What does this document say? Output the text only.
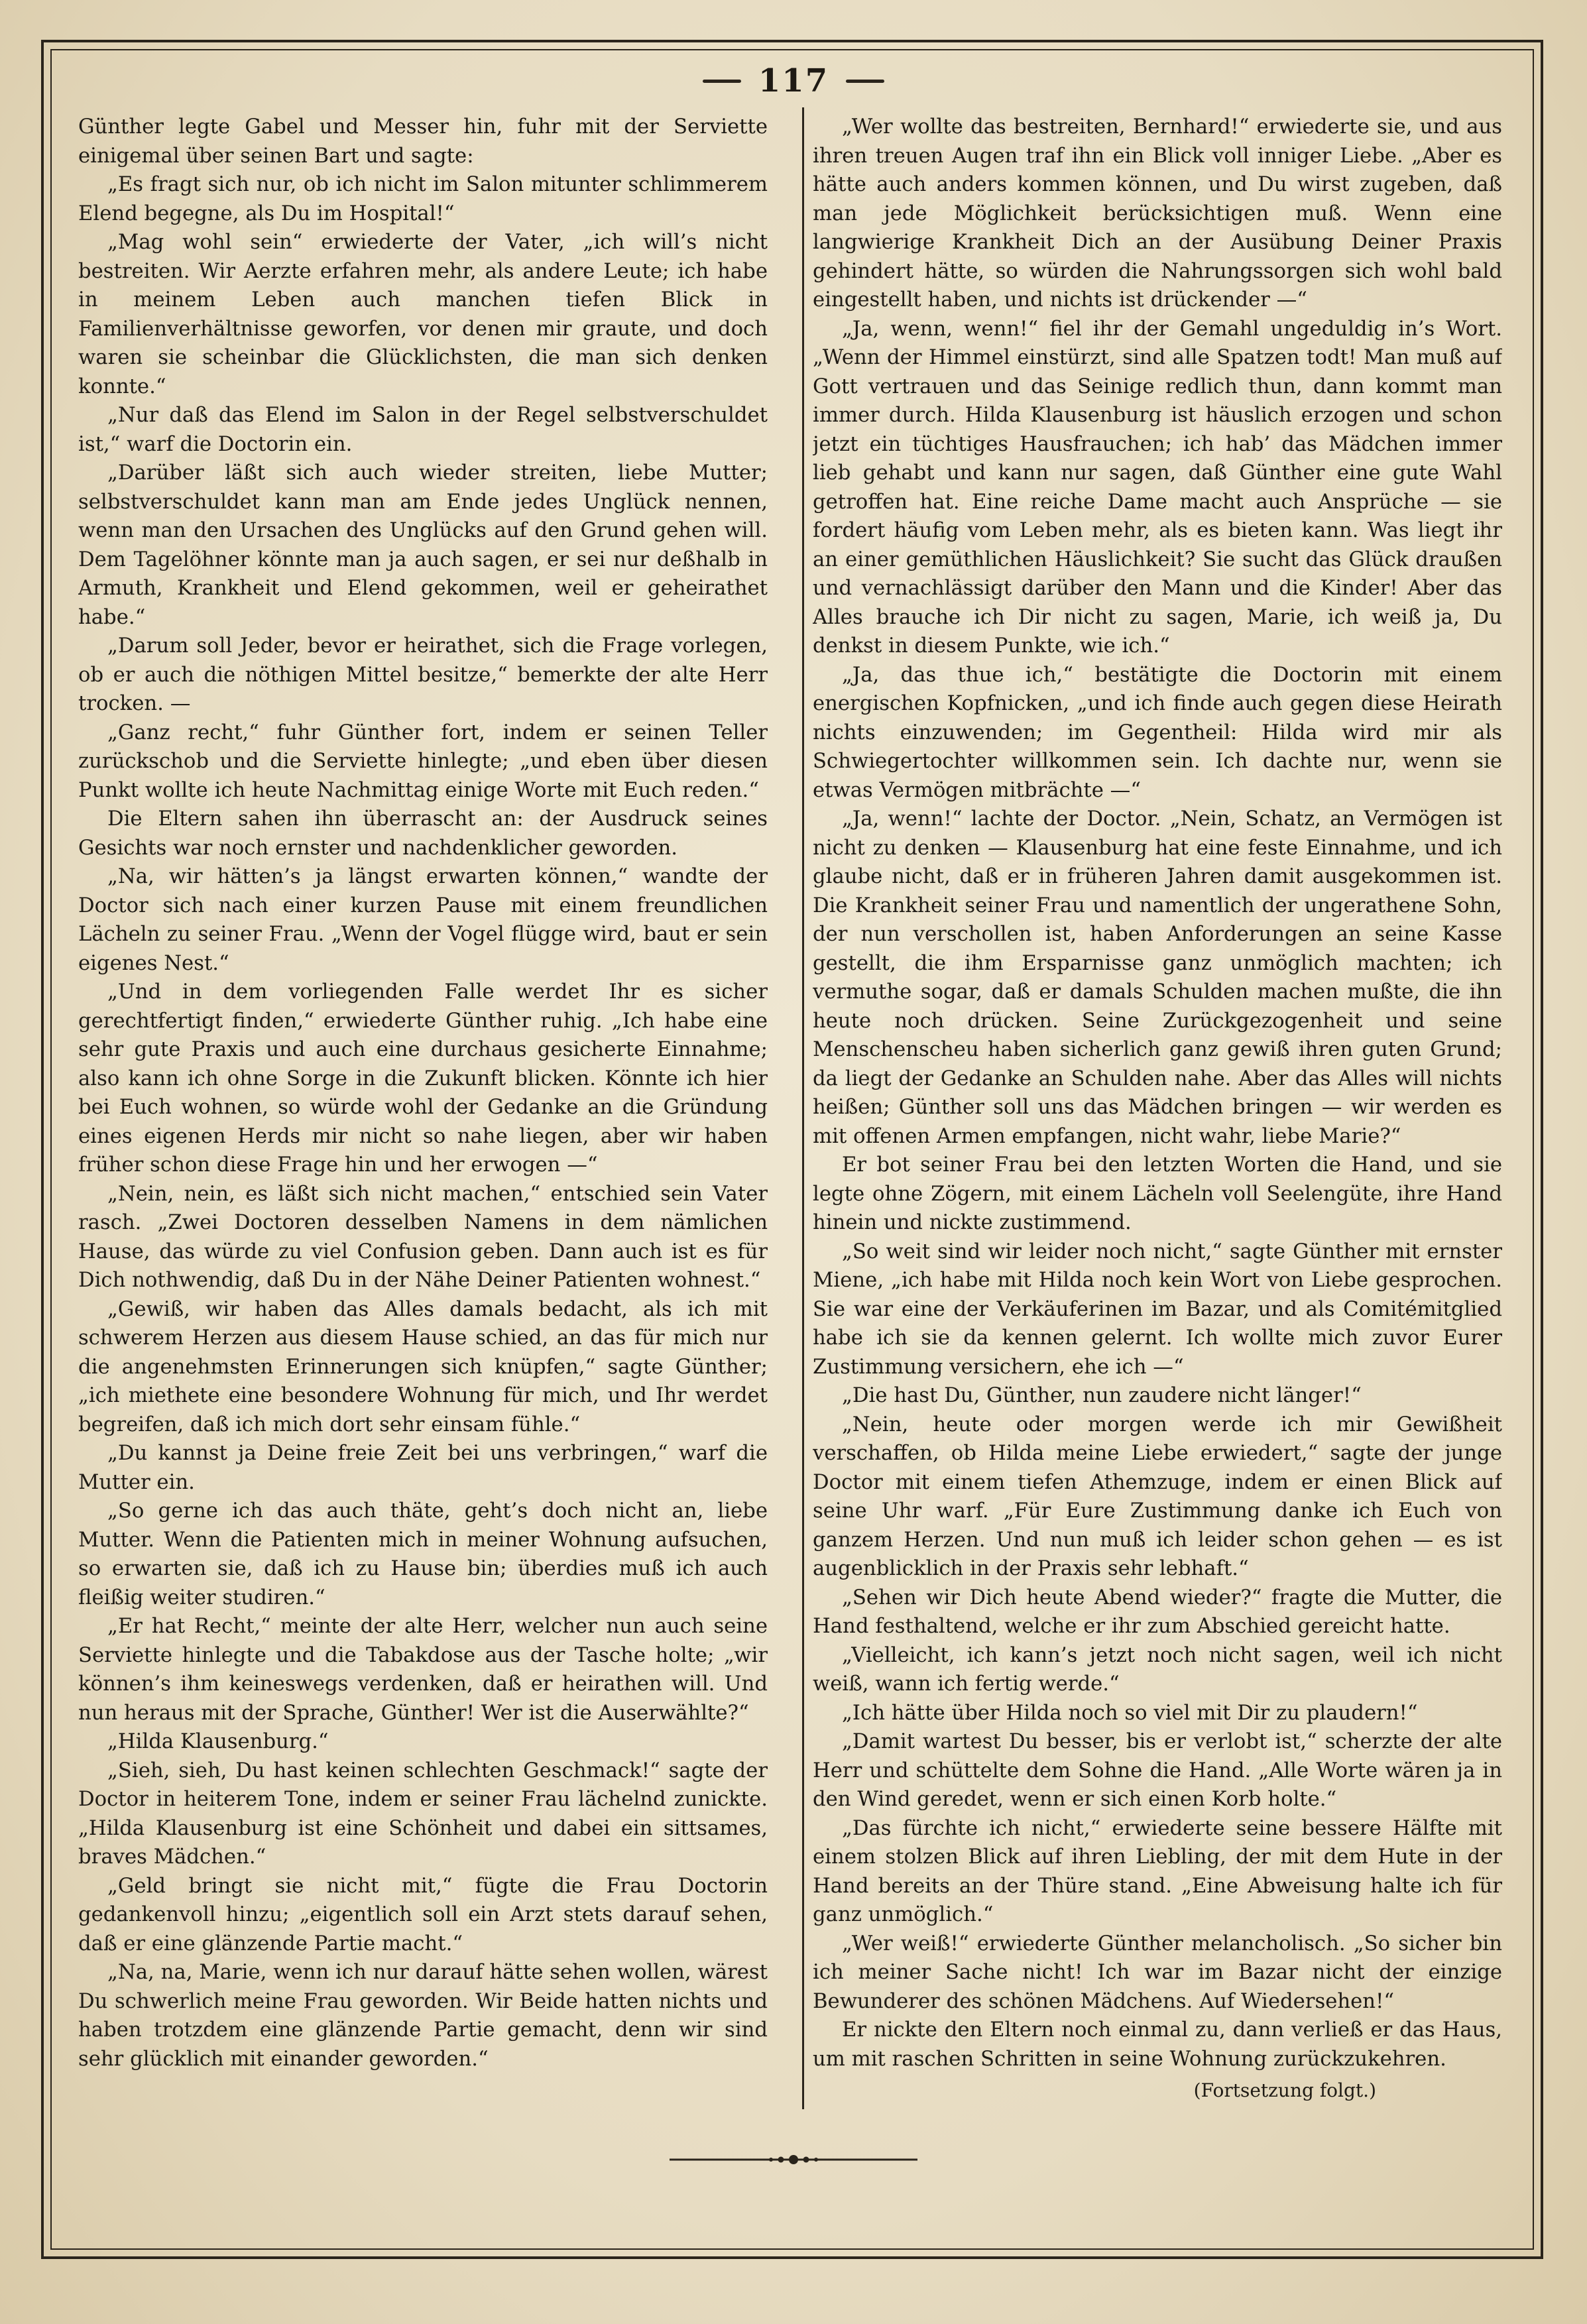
117

Günther legte Gabel und Messer hin, fuhr mit der Serviette einigemal über seinen Bart und sagte:

„Es fragt sich nur, ob ich nicht im Salon mitunter schlimmerem Elend begegne, als Du im Hospital!“

„Mag wohl sein“ erwiederte der Vater, „ich will’s nicht bestreiten. Wir Aerzte erfahren mehr, als andere Leute; ich habe in meinem Leben auch manchen tiefen Blick in Familienverhältnisse geworfen, vor denen mir graute, und doch waren sie scheinbar die Glücklichsten, die man sich denken konnte.“

„Nur daß das Elend im Salon in der Regel selbstverschuldet ist,“ warf die Doctorin ein.

„Darüber läßt sich auch wieder streiten, liebe Mutter; selbstverschuldet kann man am Ende jedes Unglück nennen, wenn man den Ursachen des Unglücks auf den Grund gehen will. Dem Tagelöhner könnte man ja auch sagen, er sei nur deßhalb in Armuth, Krankheit und Elend gekommen, weil er geheirathet habe.“

„Darum soll Jeder, bevor er heirathet, sich die Frage vorlegen, ob er auch die nöthigen Mittel besitze,“ bemerkte der alte Herr trocken. —

„Ganz recht,“ fuhr Günther fort, indem er seinen Teller zurückschob und die Serviette hinlegte; „und eben über diesen Punkt wollte ich heute Nachmittag einige Worte mit Euch reden.“

Die Eltern sahen ihn überrascht an: der Ausdruck seines Gesichts war noch ernster und nachdenklicher geworden.

„Na, wir hätten’s ja längst erwarten können,“ wandte der Doctor sich nach einer kurzen Pause mit einem freundlichen Lächeln zu seiner Frau. „Wenn der Vogel flügge wird, baut er sein eigenes Nest.“

„Und in dem vorliegenden Falle werdet Ihr es sicher gerechtfertigt finden,“ erwiederte Günther ruhig. „Ich habe eine sehr gute Praxis und auch eine durchaus gesicherte Einnahme; also kann ich ohne Sorge in die Zukunft blicken. Könnte ich hier bei Euch wohnen, so würde wohl der Gedanke an die Gründung eines eigenen Herds mir nicht so nahe liegen, aber wir haben früher schon diese Frage hin und her erwogen —“

„Nein, nein, es läßt sich nicht machen,“ entschied sein Vater rasch. „Zwei Doctoren desselben Namens in dem nämlichen Hause, das würde zu viel Confusion geben. Dann auch ist es für Dich nothwendig, daß Du in der Nähe Deiner Patienten wohnest.“

„Gewiß, wir haben das Alles damals bedacht, als ich mit schwerem Herzen aus diesem Hause schied, an das für mich nur die angenehmsten Erinnerungen sich knüpfen,“ sagte Günther; „ich miethete eine besondere Wohnung für mich, und Ihr werdet begreifen, daß ich mich dort sehr einsam fühle.“

„Du kannst ja Deine freie Zeit bei uns verbringen,“ warf die Mutter ein.

„So gerne ich das auch thäte, geht’s doch nicht an, liebe Mutter. Wenn die Patienten mich in meiner Wohnung aufsuchen, so erwarten sie, daß ich zu Hause bin; überdies muß ich auch fleißig weiter studiren.“

„Er hat Recht,“ meinte der alte Herr, welcher nun auch seine Serviette hinlegte und die Tabakdose aus der Tasche holte; „wir können’s ihm keineswegs verdenken, daß er heirathen will. Und nun heraus mit der Sprache, Günther! Wer ist die Auserwählte?“

„Hilda Klausenburg.“

„Sieh, sieh, Du hast keinen schlechten Geschmack!“ sagte der Doctor in heiterem Tone, indem er seiner Frau lächelnd zunickte. „Hilda Klausenburg ist eine Schönheit und dabei ein sittsames, braves Mädchen.“

„Geld bringt sie nicht mit,“ fügte die Frau Doctorin gedankenvoll hinzu; „eigentlich soll ein Arzt stets darauf sehen, daß er eine glänzende Partie macht.“

„Na, na, Marie, wenn ich nur darauf hätte sehen wollen, wärest Du schwerlich meine Frau geworden. Wir Beide hatten nichts und haben trotzdem eine glänzende Partie gemacht, denn wir sind sehr glücklich mit einander geworden.“

„Wer wollte das bestreiten, Bernhard!“ erwiederte sie, und aus ihren treuen Augen traf ihn ein Blick voll inniger Liebe. „Aber es hätte auch anders kommen können, und Du wirst zugeben, daß man jede Möglichkeit berücksichtigen muß. Wenn eine langwierige Krankheit Dich an der Ausübung Deiner Praxis gehindert hätte, so würden die Nahrungssorgen sich wohl bald eingestellt haben, und nichts ist drückender —“

„Ja, wenn, wenn!“ fiel ihr der Gemahl ungeduldig in’s Wort. „Wenn der Himmel einstürzt, sind alle Spatzen todt! Man muß auf Gott vertrauen und das Seinige redlich thun, dann kommt man immer durch. Hilda Klausenburg ist häuslich erzogen und schon jetzt ein tüchtiges Hausfrauchen; ich hab’ das Mädchen immer lieb gehabt und kann nur sagen, daß Günther eine gute Wahl getroffen hat. Eine reiche Dame macht auch Ansprüche — sie fordert häufig vom Leben mehr, als es bieten kann. Was liegt ihr an einer gemüthlichen Häuslichkeit? Sie sucht das Glück draußen und vernachlässigt darüber den Mann und die Kinder! Aber das Alles brauche ich Dir nicht zu sagen, Marie, ich weiß ja, Du denkst in diesem Punkte, wie ich.“

„Ja, das thue ich,“ bestätigte die Doctorin mit einem energischen Kopfnicken, „und ich finde auch gegen diese Heirath nichts einzuwenden; im Gegentheil: Hilda wird mir als Schwiegertochter willkommen sein. Ich dachte nur, wenn sie etwas Vermögen mitbrächte —“

„Ja, wenn!“ lachte der Doctor. „Nein, Schatz, an Vermögen ist nicht zu denken — Klausenburg hat eine feste Einnahme, und ich glaube nicht, daß er in früheren Jahren damit ausgekommen ist. Die Krankheit seiner Frau und namentlich der ungerathene Sohn, der nun verschollen ist, haben Anforderungen an seine Kasse gestellt, die ihm Ersparnisse ganz unmöglich machten; ich vermuthe sogar, daß er damals Schulden machen mußte, die ihn heute noch drücken. Seine Zurückgezogenheit und seine Menschenscheu haben sicherlich ganz gewiß ihren guten Grund; da liegt der Gedanke an Schulden nahe. Aber das Alles will nichts heißen; Günther soll uns das Mädchen bringen — wir werden es mit offenen Armen empfangen, nicht wahr, liebe Marie?“

Er bot seiner Frau bei den letzten Worten die Hand, und sie legte ohne Zögern, mit einem Lächeln voll Seelengüte, ihre Hand hinein und nickte zustimmend.

„So weit sind wir leider noch nicht,“ sagte Günther mit ernster Miene, „ich habe mit Hilda noch kein Wort von Liebe gesprochen. Sie war eine der Verkäuferinen im Bazar, und als Comitémitglied habe ich sie da kennen gelernt. Ich wollte mich zuvor Eurer Zustimmung versichern, ehe ich —“

„Die hast Du, Günther, nun zaudere nicht länger!“

„Nein, heute oder morgen werde ich mir Gewißheit verschaffen, ob Hilda meine Liebe erwiedert,“ sagte der junge Doctor mit einem tiefen Athemzuge, indem er einen Blick auf seine Uhr warf. „Für Eure Zustimmung danke ich Euch von ganzem Herzen. Und nun muß ich leider schon gehen — es ist augenblicklich in der Praxis sehr lebhaft.“

„Sehen wir Dich heute Abend wieder?“ fragte die Mutter, die Hand festhaltend, welche er ihr zum Abschied gereicht hatte.

„Vielleicht, ich kann’s jetzt noch nicht sagen, weil ich nicht weiß, wann ich fertig werde.“

„Ich hätte über Hilda noch so viel mit Dir zu plaudern!“

„Damit wartest Du besser, bis er verlobt ist,“ scherzte der alte Herr und schüttelte dem Sohne die Hand. „Alle Worte wären ja in den Wind geredet, wenn er sich einen Korb holte.“

„Das fürchte ich nicht,“ erwiederte seine bessere Hälfte mit einem stolzen Blick auf ihren Liebling, der mit dem Hute in der Hand bereits an der Thüre stand. „Eine Abweisung halte ich für ganz unmöglich.“

„Wer weiß!“ erwiederte Günther melancholisch. „So sicher bin ich meiner Sache nicht! Ich war im Bazar nicht der einzige Bewunderer des schönen Mädchens. Auf Wiedersehen!“

Er nickte den Eltern noch einmal zu, dann verließ er das Haus, um mit raschen Schritten in seine Wohnung zurückzukehren.

(Fortsetzung folgt.)
